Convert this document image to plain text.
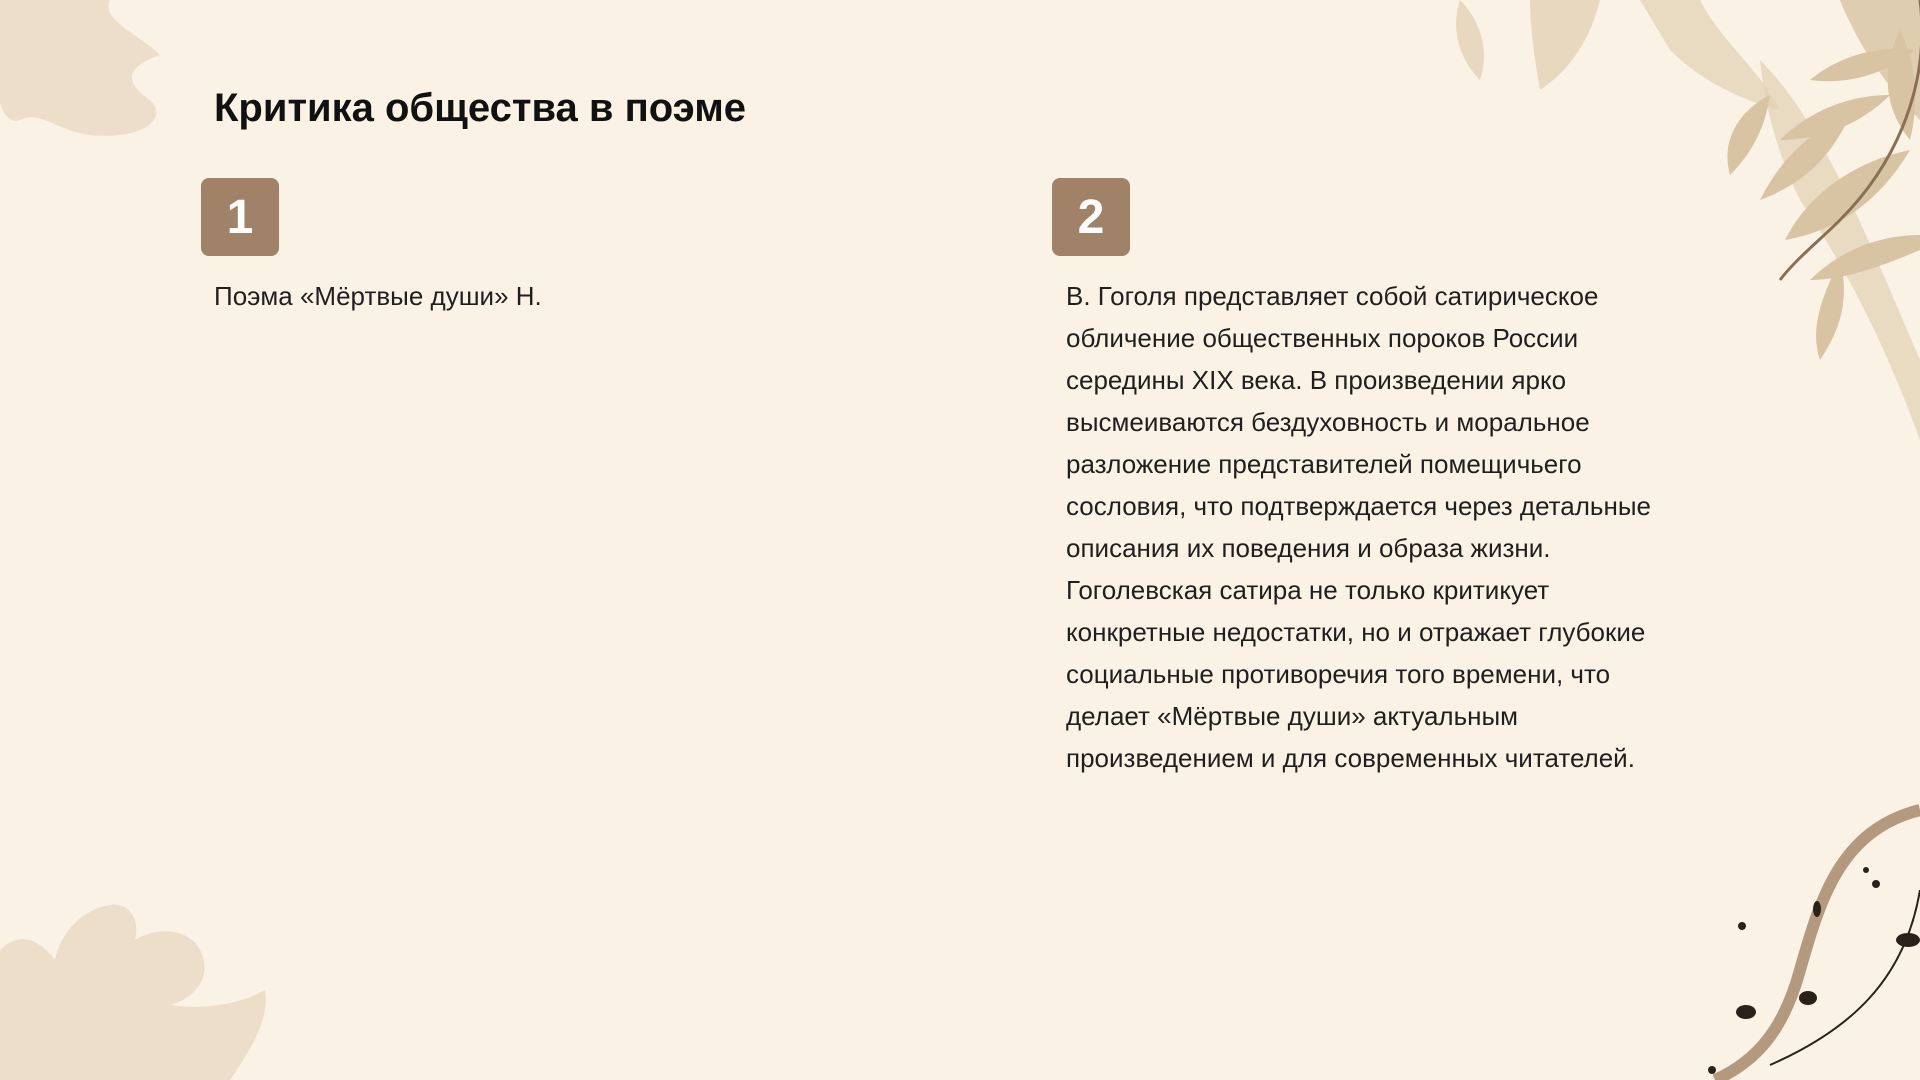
Критика общества в поэме
1

Поэма «Мёртвые души» Н.

2

В. Гоголя представляет собой сатирическое
обличение общественных пороков России
середины XIX века. В произведении ярко
высмеиваются бездуховность и моральное
разложение представителей помещичьего
сословия, что подтверждается через детальные
описания их поведения и образа жизни.
Гоголевская сатира не только критикует
конкретные недостатки, но и отражает глубокие
социальные противоречия того времени, что
делает «Мёртвые души» актуальным
произведением и для современных читателей.
